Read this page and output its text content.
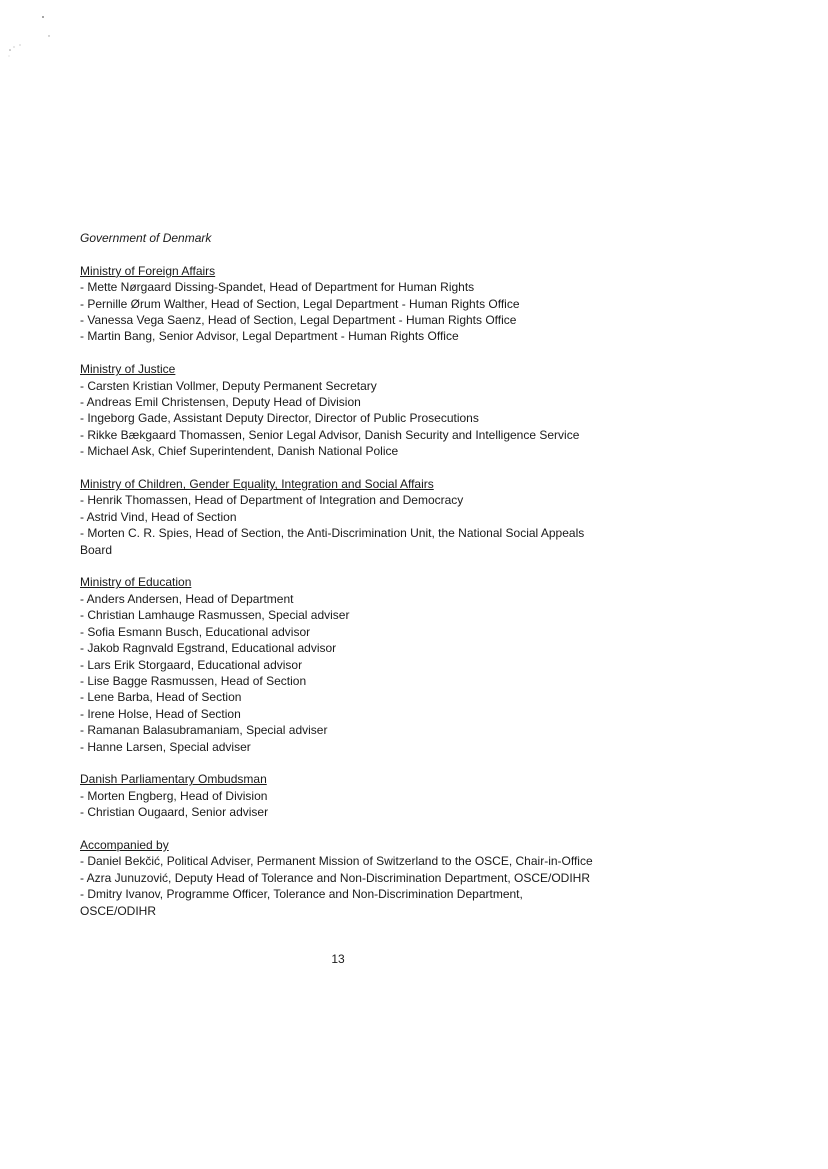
Government of Denmark

Ministry of Foreign Affairs

- Mette Nørgaard Dissing-Spandet, Head of Department for Human Rights
- Pernille Ørum Walther, Head of Section, Legal Department - Human Rights Office
- Vanessa Vega Saenz, Head of Section, Legal Department - Human Rights Office
- Martin Bang, Senior Advisor, Legal Department - Human Rights Office

Ministry of Justice

- Carsten Kristian Vollmer, Deputy Permanent Secretary
- Andreas Emil Christensen, Deputy Head of Division
- Ingeborg Gade, Assistant Deputy Director, Director of Public Prosecutions
- Rikke Bækgaard Thomassen, Senior Legal Advisor, Danish Security and Intelligence Service
- Michael Ask, Chief Superintendent, Danish National Police

Ministry of Children, Gender Equality, Integration and Social Affairs

- Henrik Thomassen, Head of Department of Integration and Democracy
- Astrid Vind, Head of Section
- Morten C. R. Spies, Head of Section, the Anti-Discrimination Unit, the National Social Appeals Board

Ministry of Education

- Anders Andersen, Head of Department
- Christian Lamhauge Rasmussen, Special adviser
- Sofia Esmann Busch, Educational advisor
- Jakob Ragnvald Egstrand, Educational advisor
- Lars Erik Storgaard, Educational advisor
- Lise Bagge Rasmussen, Head of Section
- Lene Barba, Head of Section
- Irene Holse, Head of Section
- Ramanan Balasubramaniam, Special adviser
- Hanne Larsen, Special adviser

Danish Parliamentary Ombudsman

- Morten Engberg, Head of Division
- Christian Ougaard, Senior adviser

Accompanied by

- Daniel Bekčić, Political Adviser, Permanent Mission of Switzerland to the OSCE, Chair-in-Office
- Azra Junuzović, Deputy Head of Tolerance and Non-Discrimination Department, OSCE/ODIHR
- Dmitry Ivanov, Programme Officer, Tolerance and Non-Discrimination Department, OSCE/ODIHR
13
